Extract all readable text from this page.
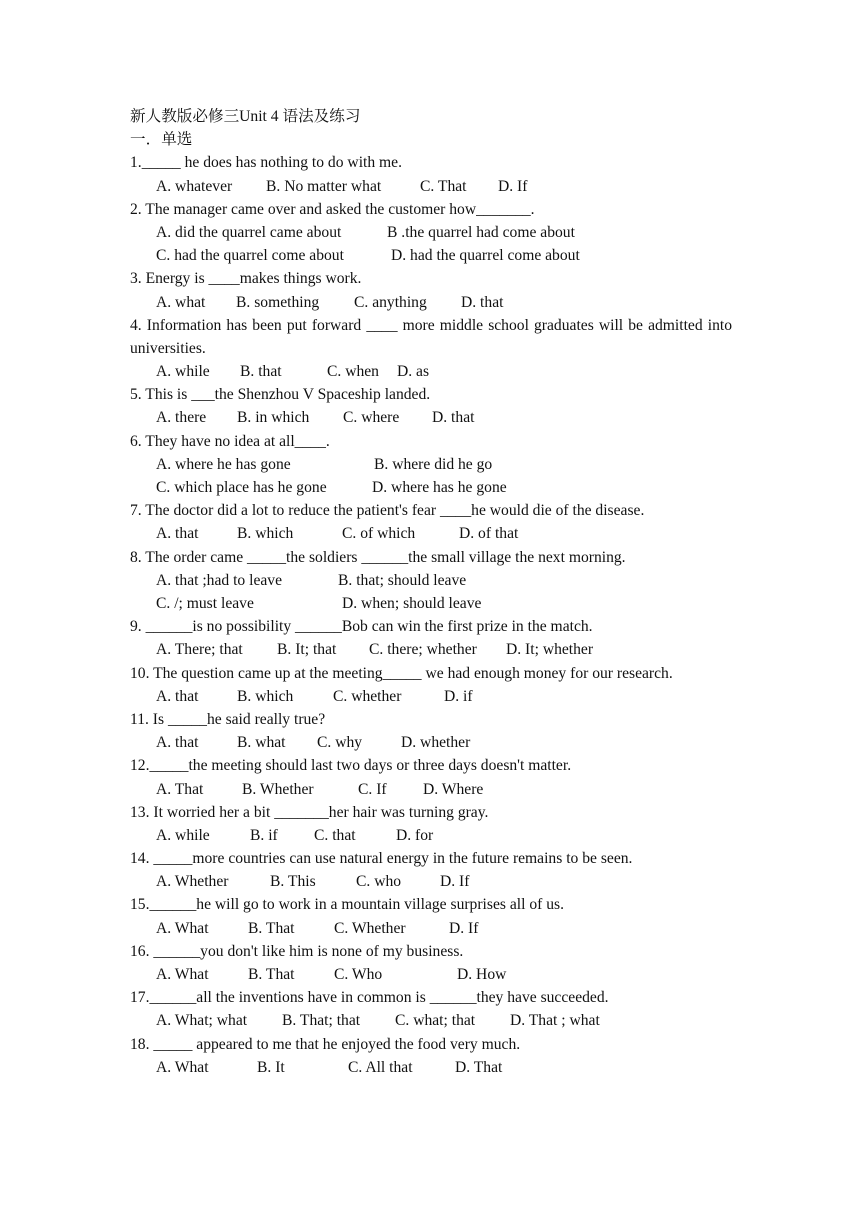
新人教版必修三Unit 4 语法及练习
一．单选
1._____ he does has nothing to do with me.
A. whatever B. No matter what C. That D. If
2. The manager came over and asked the customer how_______.
A. did the quarrel came about	B .the quarrel had come about
C. had the quarrel come about	D. had the quarrel come about
3. Energy is ____makes things work.
A. what B. something C. anything D. that
4. Information has been put forward ____ more middle school graduates will be admitted into universities.
A. while B. that	C. when D. as
5. This is ___the Shenzhou V Spaceship landed.
A. there B. in which C. where D. that
6. They have no idea at all____.
A. where he has gone	B. where did he go
C. which place has he gone	D. where has he gone
7. The doctor did a lot to reduce the patient's fear ____he would die of the disease.
A. that B. which	C. of which	D. of that
8. The order came _____the soldiers ______the small village the next morning.
A. that ;had to leave	B. that; should leave
C. /; must leave	D. when; should leave
9. ______is no possibility ______Bob can win the first prize in the match.
A. There; that B. It; that C. there; whether D. It; whether
10. The question came up at the meeting_____ we had enough money for our research.
A. that B. which	C. whether	D. if
11. Is _____he said really true?
A. that B. what C. why D. whether
12._____the meeting should last two days or three days doesn't matter.
A. That B. Whether	C. If D. Where
13. It worried her a bit _______her hair was turning gray.
A. while	B. if C. that	D. for
14. _____more countries can use natural energy in the future remains to be seen.
A. Whether	B. This	C. who D. If
15.______he will go to work in a mountain village surprises all of us.
A. What	B. That	C. Whether	D. If
16. ______you don't like him is none of my business.
A. What	B. That	C. Who	D. How
17.______all the inventions have in common is ______they have succeeded.
A. What; what B. That; that C. what; that D. That ; what
18. _____ appeared to me that he enjoyed the food very much.
A. What	B. It	C. All that	D. That
